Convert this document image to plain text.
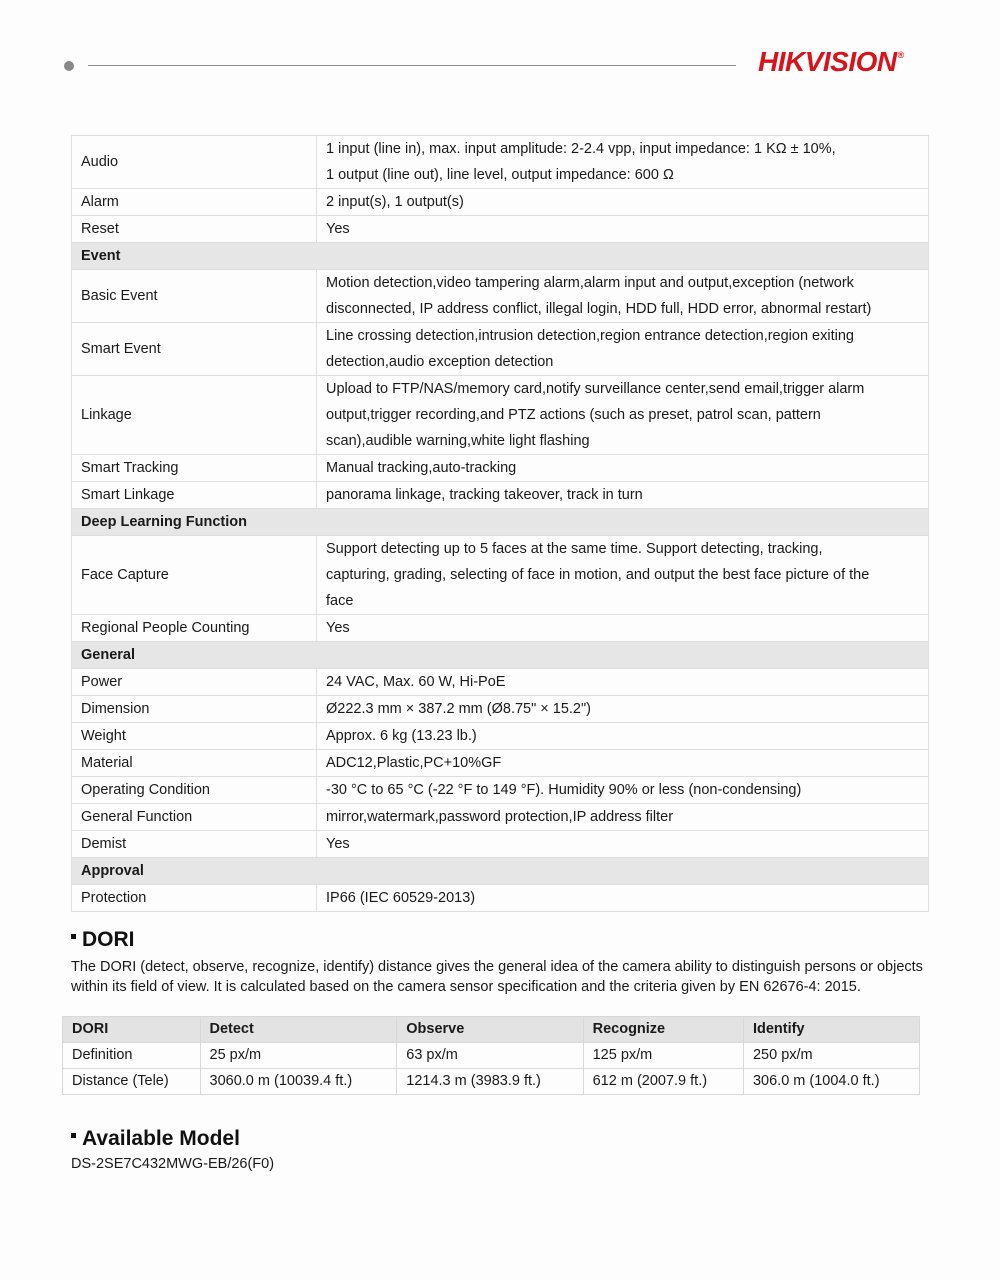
HIKVISION®
Audio	1 input (line in), max. input amplitude: 2-2.4 vpp, input impedance: 1 KΩ ± 10%,
1 output (line out), line level, output impedance: 600 Ω

Alarm	2 input(s), 1 output(s)

Reset	Yes

Event	
Basic Event	Motion detection,video tampering alarm,alarm input and output,exception (network
disconnected, IP address conflict, illegal login, HDD full, HDD error, abnormal restart)

Smart Event	Line crossing detection,intrusion detection,region entrance detection,region exiting
detection,audio exception detection

Linkage	Upload to FTP/NAS/memory card,notify surveillance center,send email,trigger alarm
output,trigger recording,and PTZ actions (such as preset, patrol scan, pattern
scan),audible warning,white light flashing

Smart Tracking	Manual tracking,auto-tracking

Smart Linkage	panorama linkage, tracking takeover, track in turn

Deep Learning Function	
Face Capture	Support detecting up to 5 faces at the same time. Support detecting, tracking,
capturing, grading, selecting of face in motion, and output the best face picture of the
face

Regional People Counting	Yes

General	
Power	24 VAC, Max. 60 W, Hi-PoE

Dimension	Ø222.3 mm × 387.2 mm (Ø8.75" × 15.2")

Weight	Approx. 6 kg (13.23 lb.)

Material	ADC12,Plastic,PC+10%GF

Operating Condition	-30 °C to 65 °C (-22 °F to 149 °F). Humidity 90% or less (non-condensing)

General Function	mirror,watermark,password protection,IP address filter

Demist	Yes

Approval	
Protection	IP66 (IEC 60529-2013)
DORI
The DORI (detect, observe, recognize, identify) distance gives the general idea of the camera ability to distinguish persons or objects within its field of view. It is calculated based on the camera sensor specification and the criteria given by EN 62676-4: 2015.
DORI	Detect	Observe	Recognize	Identify
Definition	25 px/m	63 px/m	125 px/m	250 px/m
Distance (Tele)	3060.0 m (10039.4 ft.)	1214.3 m (3983.9 ft.)	612 m (2007.9 ft.)	306.0 m (1004.0 ft.)
Available Model
DS-2SE7C432MWG-EB/26(F0)
